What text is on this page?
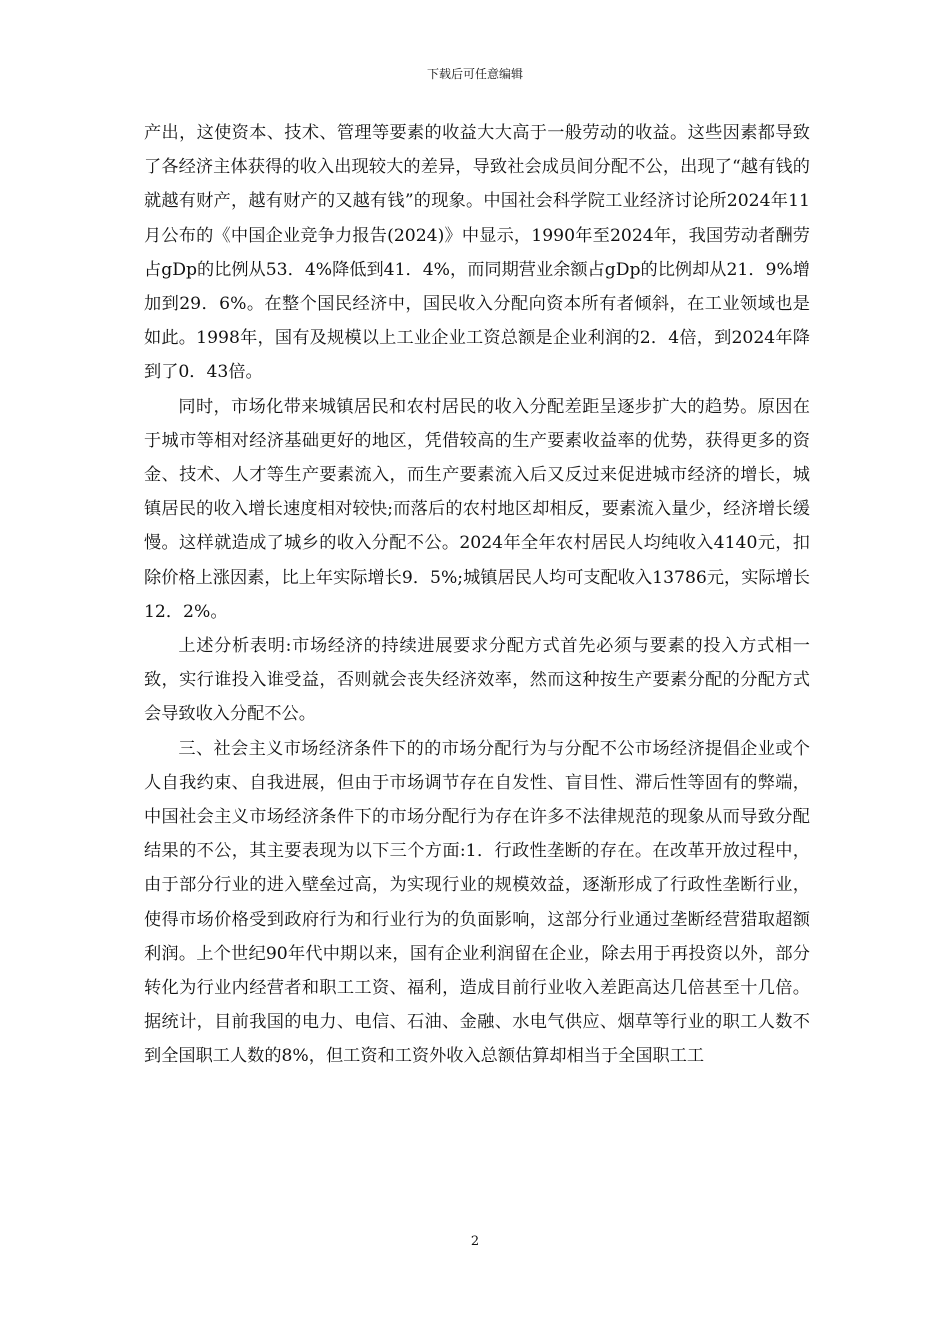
下载后可任意编辑

产出，这使资本、技术、管理等要素的收益大大高于一般劳动的收益。这些因素都导致了各经济主体获得的收入出现较大的差异，导致社会成员间分配不公，出现了“越有钱的就越有财产，越有财产的又越有钱”的现象。中国社会科学院工业经济讨论所2024年11月公布的《中国企业竞争力报告(2024)》中显示，1990年至2024年，我国劳动者酬劳占gDp的比例从53．4%降低到41．4%，而同期营业余额占gDp的比例却从21．9%增加到29．6%。在整个国民经济中，国民收入分配向资本所有者倾斜，在工业领域也是如此。1998年，国有及规模以上工业企业工资总额是企业利润的2．4倍，到2024年降到了0．43倍。

同时，市场化带来城镇居民和农村居民的收入分配差距呈逐步扩大的趋势。原因在于城市等相对经济基础更好的地区，凭借较高的生产要素收益率的优势，获得更多的资金、技术、人才等生产要素流入，而生产要素流入后又反过来促进城市经济的增长，城镇居民的收入增长速度相对较快;而落后的农村地区却相反，要素流入量少，经济增长缓慢。这样就造成了城乡的收入分配不公。2024年全年农村居民人均纯收入4140元，扣除价格上涨因素，比上年实际增长9．5%;城镇居民人均可支配收入13786元，实际增长12．2%。

上述分析表明:市场经济的持续进展要求分配方式首先必须与要素的投入方式相一致，实行谁投入谁受益，否则就会丧失经济效率，然而这种按生产要素分配的分配方式会导致收入分配不公。

三、社会主义市场经济条件下的的市场分配行为与分配不公市场经济提倡企业或个人自我约束、自我进展，但由于市场调节存在自发性、盲目性、滞后性等固有的弊端，中国社会主义市场经济条件下的市场分配行为存在许多不法律规范的现象从而导致分配结果的不公，其主要表现为以下三个方面:1．行政性垄断的存在。在改革开放过程中，由于部分行业的进入壁垒过高，为实现行业的规模效益，逐渐形成了行政性垄断行业，使得市场价格受到政府行为和行业行为的负面影响，这部分行业通过垄断经营猎取超额利润。上个世纪90年代中期以来，国有企业利润留在企业，除去用于再投资以外，部分转化为行业内经营者和职工工资、福利，造成目前行业收入差距高达几倍甚至十几倍。据统计，目前我国的电力、电信、石油、金融、水电气供应、烟草等行业的职工人数不到全国职工人数的8%，但工资和工资外收入总额估算却相当于全国职工工

2
